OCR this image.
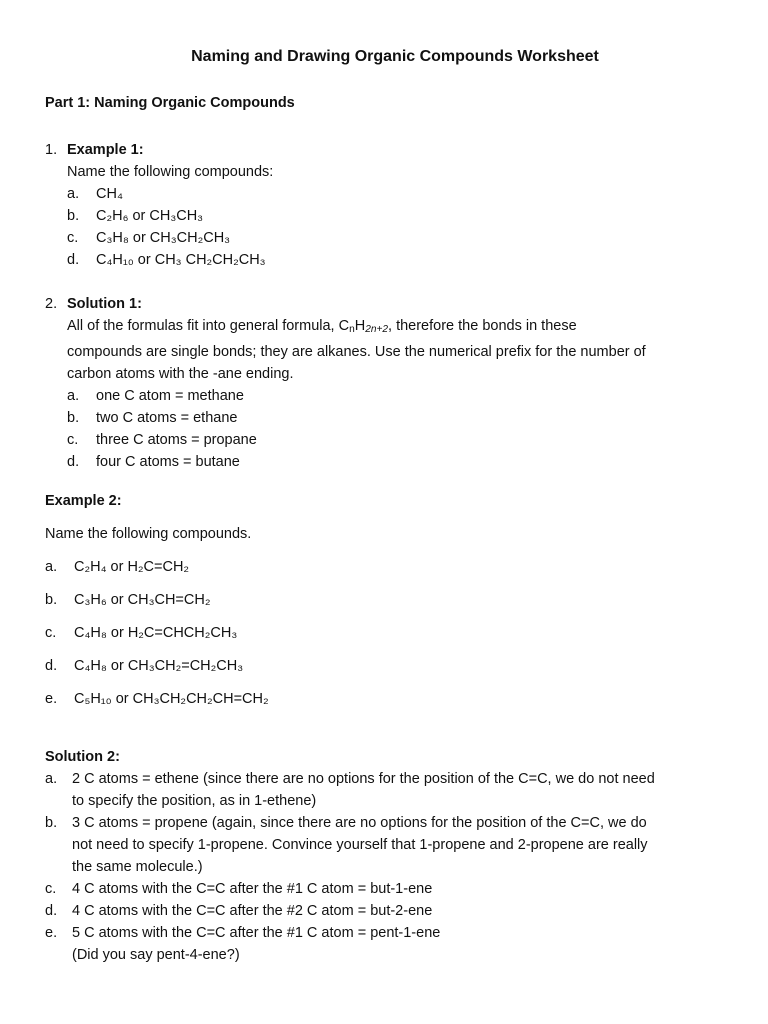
Naming and Drawing Organic Compounds Worksheet
Part 1: Naming Organic Compounds
1. Example 1:
Name the following compounds:
a.	CH₄
b.	C₂H₆ or CH₃CH₃
c.	C₃H₈ or CH₃CH₂CH₃
d.	C₄H₁₀ or CH₃ CH₂CH₂CH₃
2. Solution 1:
All of the formulas fit into general formula, $C_nH_{2n+2}$, therefore the bonds in these
compounds are single bonds; they are alkanes. Use the numerical prefix for the number of
carbon atoms with the -ane ending.
a.	one C atom = methane
b.	two C atoms = ethane
c.	three C atoms = propane
d.	four C atoms = butane
Example 2:
Name the following compounds.
a.	C₂H₄ or H₂C=CH₂
b.	C₃H₆ or CH₃CH=CH₂
c.	C₄H₈ or H₂C=CHCH₂CH₃
d.	C₄H₈ or CH₃CH₂=CH₂CH₃
e.	C₅H₁₀ or CH₃CH₂CH₂CH=CH₂
Solution 2:
a.	2 C atoms = ethene (since there are no options for the position of the C=C, we do not need
to specify the position, as in 1-ethene)
b.	3 C atoms = propene (again, since there are no options for the position of the C=C, we do
not need to specify 1-propene. Convince yourself that 1-propene and 2-propene are really
the same molecule.)
c.	4 C atoms with the C=C after the #1 C atom = but-1-ene
d.	4 C atoms with the C=C after the #2 C atom = but-2-ene
e.	5 C atoms with the C=C after the #1 C atom = pent-1-ene
(Did you say pent-4-ene?)
